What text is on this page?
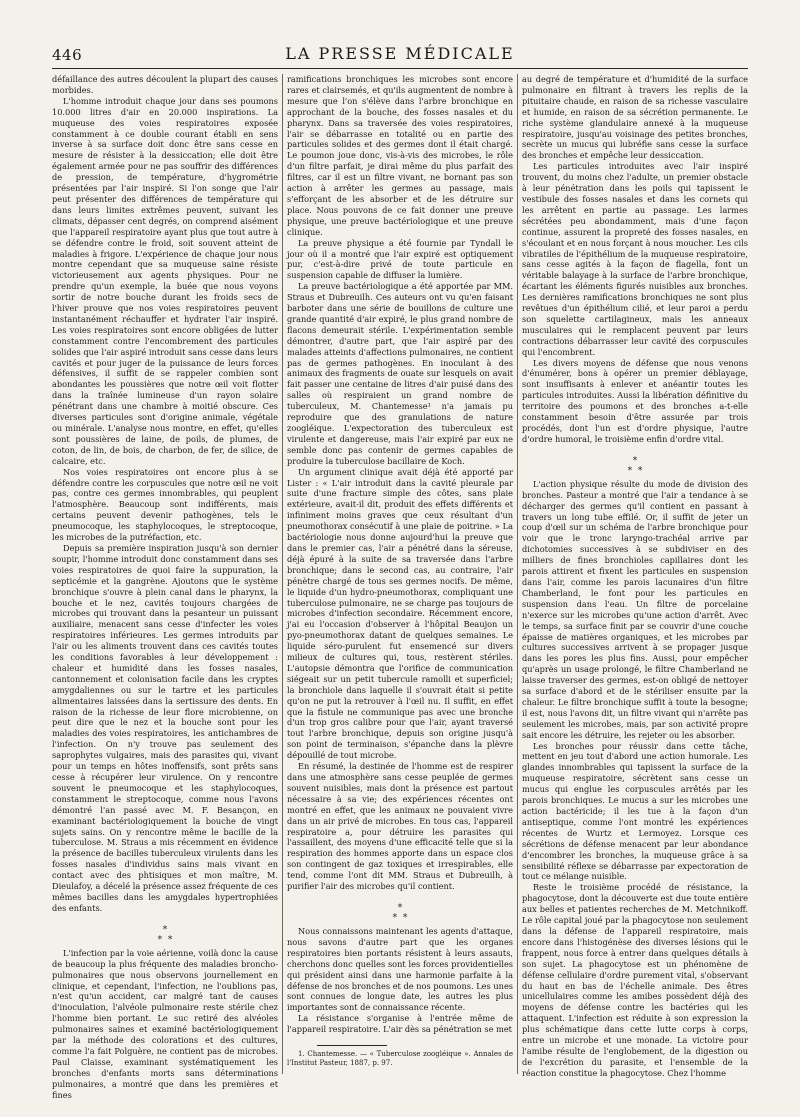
446	LA PRESSE MÉDICALE

défaillance des autres découlent la plupart des causes morbides.

L'homme introduit chaque jour dans ses poumons 10.000 litres d'air en 20.000 inspirations. La muqueuse des voies respiratoires exposée constamment à ce double courant établi en sens inverse à sa surface doit donc être sans cesse en mesure de résister à la dessiccation; elle doit être également armée pour ne pas souffrir des différences de pression, de température, d'hygrométrie présentées par l'air inspiré. Si l'on songe que l'air peut présenter des différences de température qui dans leurs limites extrêmes peuvent, suivant les climats, dépasser cent degrés, on comprend aisément que l'appareil respiratoire ayant plus que tout autre à se défendre contre le froid, soit souvent atteint de maladies à frigore. L'expérience de chaque jour nous montre cependant que sa muqueuse saine résiste victorieusement aux agents physiques. Pour ne prendre qu'un exemple, la buée que nous voyons sortir de notre bouche durant les froids secs de l'hiver prouve que nos voies respiratoires peuvent instantanément réchauffer et hydrater l'air inspiré. Les voies respiratoires sont encore obligées de lutter constamment contre l'encombrement des particules solides que l'air aspiré introduit sans cesse dans leurs cavités et pour juger de la puissance de leurs forces défensives, il suffit de se rappeler combien sont abondantes les poussières que notre œil voit flotter dans la traînée lumineuse d'un rayon solaire pénétrant dans une chambre à moitié obscure. Ces diverses particules sont d'origine animale, végétale ou minérale. L'analyse nous montre, en effet, qu'elles sont poussières de laine, de poils, de plumes, de coton, de lin, de bois, de charbon, de fer, de silice, de calcaire, etc.

Nos voies respiratoires ont encore plus à se défendre contre les corpuscules que notre œil ne voit pas, contre ces germes innombrables, qui peuplent l'atmosphère. Beaucoup sont indifférents, mais certains peuvent devenir pathogènes, tels le pneumocoque, les staphylocoques, le streptocoque, les microbes de la putréfaction, etc.

Depuis sa première inspiration jusqu'à son dernier soupir, l'homme introduit donc constamment dans ses voies respiratoires de quoi faire la suppuration, la septicémie et la gangrène. Ajoutons que le système bronchique s'ouvre à plein canal dans le pharynx, la bouche et le nez, cavités toujours chargées de microbes qui trouvant dans la pesanteur un puissant auxiliaire, menacent sans cesse d'infecter les voies respiratoires inférieures. Les germes introduits par l'air ou les aliments trouvent dans ces cavités toutes les conditions favorables à leur développement : chaleur et humidité dans les fosses nasales, cantonnement et colonisation facile dans les cryptes amygdaliennes ou sur le tartre et les particules alimentaires laissées dans la sertissure des dents. En raison de la richesse de leur flore microbienne, on peut dire que le nez et la bouche sont pour les maladies des voies respiratoires, les antichambres de l'infection. On n'y trouve pas seulement des saprophytes vulgaires, mais des parasites qui, vivant pour un temps en hôtes inoffensifs, sont prêts sans cesse à récupérer leur virulence. On y rencontre souvent le pneumocoque et les staphylocoques, constamment le streptocoque, comme nous l'avons démontré l'an passé avec M. F. Besançon, en examinant bactériologiquement la bouche de vingt sujets sains. On y rencontre même le bacille de la tuberculose. M. Straus a mis récemment en évidence la présence de bacilles tuberculeux virulents dans les fosses nasales d'individus sains mais vivant en contact avec des phtisiques et mon maître, M. Dieulafoy, a décelé la présence assez fréquente de ces mêmes bacilles dans les amygdales hypertrophiées des enfants.

⁎
⁎  ⁎

L'infection par la voie aérienne, voilà donc la cause de beaucoup la plus fréquente des maladies broncho-pulmonaires que nous observons journellement en clinique, et cependant, l'infection, ne l'oublions pas, n'est qu'un accident, car malgré tant de causes d'inoculation, l'alvéole pulmonaire reste stérile chez l'homme bien portant. Le suc retiré des alvéoles pulmonaires saines et examiné bactériologiquement par la méthode des colorations et des cultures, comme l'a fait Polguère, ne contient pas de microbes. Paul Claisse, examinant systématiquement les bronches d'enfants morts sans déterminations pulmonaires, a montré que dans les premières et fines

ramifications bronchiques les microbes sont encore rares et clairsemés, et qu'ils augmentent de nombre à mesure que l'on s'élève dans l'arbre bronchique en approchant de la bouche, des fosses nasales et du pharynx. Dans sa traversée des voies respiratoires, l'air se débarrasse en totalité ou en partie des particules solides et des germes dont il était chargé. Le poumon joue donc, vis-à-vis des microbes, le rôle d'un filtre parfait, je dirai même du plus parfait des filtres, car il est un filtre vivant, ne bornant pas son action à arrêter les germes au passage, mais s'efforçant de les absorber et de les détruire sur place. Nous pouvons de ce fait donner une preuve physique, une preuve bactériologique et une preuve clinique.

La preuve physique a été fournie par Tyndall le jour où il a montré que l'air expiré est optiquement pur, c'est-à-dire privé de toute particule en suspension capable de diffuser la lumière.

La preuve bactériologique a été apportée par MM. Straus et Dubreuilh. Ces auteurs ont vu qu'en faisant barboter dans une série de bouillons de culture une grande quantité d'air expiré, le plus grand nombre de flacons demeurait stérile. L'expérimentation semble démontrer, d'autre part, que l'air aspiré par des malades atteints d'affections pulmonaires, ne contient pas de germes pathogènes. En inoculant à des animaux des fragments de ouate sur lesquels on avait fait passer une centaine de litres d'air puisé dans des salles où respiraient un grand nombre de tuberculeux, M. Chantemesse¹ n'a jamais pu reproduire que des granulations de nature zoogléique. L'expectoration des tuberculeux est virulente et dangereuse, mais l'air expiré par eux ne semble donc pas contenir de germes capables de produire la tuberculose bacillaire de Koch.

Un argument clinique avait déjà été apporté par Lister : « L'air introduit dans la cavité pleurale par suite d'une fracture simple des côtes, sans plaie extérieure, avait-il dit, produit des effets différents et infiniment moins graves que ceux résultant d'un pneumothorax consécutif à une plaie de poitrine. » La bactériologie nous donne aujourd'hui la preuve que dans le premier cas, l'air a pénétré dans la séreuse, déjà épuré à la suite de sa traversée dans l'arbre bronchique; dans le second cas, au contraire, l'air pénètre chargé de tous ses germes nocifs. De même, le liquide d'un hydro-pneumothorax, compliquant une tuberculose pulmonaire, ne se charge pas toujours de microbes d'infection secondaire. Récemment encore, j'ai eu l'occasion d'observer à l'hôpital Beaujon un pyo-pneumothorax datant de quelques semaines. Le liquide séro-purulent fut ensemencé sur divers milieux de cultures qui, tous, restèrent stériles. L'autopsie démontra que l'orifice de communication siégeait sur un petit tubercule ramolli et superficiel; la bronchiole dans laquelle il s'ouvrait était si petite qu'on ne put la retrouver à l'œil nu. Il suffit, en effet que la fistule ne communique pas avec une bronche d'un trop gros calibre pour que l'air, ayant traversé tout l'arbre bronchique, depuis son origine jusqu'à son point de terminaison, s'épanche dans la plèvre dépouillé de tout microbe.

En résumé, la destinée de l'homme est de respirer dans une atmosphère sans cesse peuplée de germes souvent nuisibles, mais dont la présence est partout nécessaire à sa vie; des expériences récentes ont montré en effet, que les animaux ne pouvaient vivre dans un air privé de microbes. En tous cas, l'appareil respiratoire a, pour détruire les parasites qui l'assaillent, des moyens d'une efficacité telle que si la respiration des hommes apporte dans un espace clos son contingent de gaz toxiques et irrespirables, elle tend, comme l'ont dit MM. Straus et Dubreuilh, à purifier l'air des microbes qu'il contient.

⁎
⁎  ⁎

Nous connaissons maintenant les agents d'attaque, nous savons d'autre part que les organes respiratoires bien portants résistent à leurs assauts, cherchons donc quelles sont les forces providentielles qui président ainsi dans une harmonie parfaite à la défense de nos bronches et de nos poumons. Les unes sont connues de longue date, les autres les plus importantes sont de connaissance récente.

La résistance s'organise à l'entrée même de l'appareil respiratoire. L'air dès sa pénétration se met

1. Chantemesse. — « Tuberculose zoogléique ». Annales de l'Institut Pasteur, 1887, p. 97.

au degré de température et d'humidité de la surface pulmonaire en filtrant à travers les replis de la pituitaire chaude, en raison de sa richesse vasculaire et humide, en raison de sa sécrétion permanente. Le riche système glandulaire annexé à la muqueuse respiratoire, jusqu'au voisinage des petites bronches, secrète un mucus qui lubréfie sans cesse la surface des bronches et empêche leur dessiccation.

Les particules introduites avec l'air inspiré trouvent, du moins chez l'adulte, un premier obstacle à leur pénétration dans les poils qui tapissent le vestibule des fosses nasales et dans les cornets qui les arrêtent en partie au passage. Les larmes sécrétées peu abondamment, mais d'une façon continue, assurent la propreté des fosses nasales, en s'écoulant et en nous forçant à nous moucher. Les cils vibratiles de l'épithélium de la muqueuse respiratoire, sans cesse agités à la façon de flagella, font un véritable balayage à la surface de l'arbre bronchique, écartant les éléments figurés nuisibles aux bronches. Les dernières ramifications bronchiques ne sont plus revêtues d'un épithélium cilié, et leur paroi a perdu son squelette cartilagineux, mais les anneaux musculaires qui le remplacent peuvent par leurs contractions débarrasser leur cavité des corpuscules qui l'encombrent.

Les divers moyens de défense que nous venons d'énumérer, bons à opérer un premier déblayage, sont insuffisants à enlever et anéantir toutes les particules introduites. Aussi la libération définitive du territoire des poumons et des bronches a-t-elle constamment besoin d'être assurée par trois procédés, dont l'un est d'ordre physique, l'autre d'ordre humoral, le troisième enfin d'ordre vital.

⁎
⁎  ⁎

L'action physique résulte du mode de division des bronches. Pasteur a montré que l'air a tendance à se décharger des germes qu'il contient en passant à travers un long tube effilé. Or, il suffit de jeter un coup d'œil sur un schéma de l'arbre bronchique pour voir que le tronc laryngo-trachéal arrive par dichotomies successives à se subdiviser en des milliers de fines bronchioles capillaires dont les parois attirent et fixent les particules en suspension dans l'air, comme les parois lacunaires d'un filtre Chamberland, le font pour les particules en suspension dans l'eau. Un filtre de porcelaine n'exerce sur les microbes qu'une action d'arrêt. Avec le temps, sa surface finit par se couvrir d'une couche épaisse de matières organiques, et les microbes par cultures successives arrivent à se propager jusque dans les pores les plus fins. Aussi, pour empêcher qu'après un usage prolongé, le filtre Chamberland ne laisse traverser des germes, est-on obligé de nettoyer sa surface d'abord et de le stériliser ensuite par la chaleur. Le filtre bronchique suffit à toute la besogne; il est, nous l'avons dit, un filtre vivant qui n'arrête pas seulement les microbes, mais, par son activité propre sait encore les détruire, les rejeter ou les absorber.

Les bronches pour réussir dans cette tâche, mettent en jeu tout d'abord une action humorale. Les glandes innombrables qui tapissent la surface de la muqueuse respiratoire, sécrètent sans cesse un mucus qui englue les corpuscules arrêtés par les parois bronchiques. Le mucus a sur les microbes une action bactéricide; il les tue à la façon d'un antiseptique, comme l'ont montré les expériences récentes de Wurtz et Lermoyez. Lorsque ces sécrétions de défense menacent par leur abondance d'encombrer les bronches, la muqueuse grâce à sa sensibilité réflexe se débarrasse par expectoration de tout ce mélange nuisible.

Reste le troisième procédé de résistance, la phagocytose, dont la découverte est due toute entière aux belles et patientes recherches de M. Metchnikoff. Le rôle capital joué par la phagocytose non seulement dans la défense de l'appareil respiratoire, mais encore dans l'histogénèse des diverses lésions qui le frappent, nous force à entrer dans quelques détails à son sujet. La phagocytose est un phénomène de défense cellulaire d'ordre purement vital, s'observant du haut en bas de l'échelle animale. Des êtres unicellulaires comme les amibes possèdent déjà des moyens de défense contre les bactéries qui les attaquent. L'infection est réduite à son expression la plus schématique dans cette lutte corps à corps, entre un microbe et une monade. La victoire pour l'amibe résulte de l'englobement, de la digestion ou de l'excrétion du parasite, et l'ensemble de la réaction constitue la phagocytose. Chez l'homme
